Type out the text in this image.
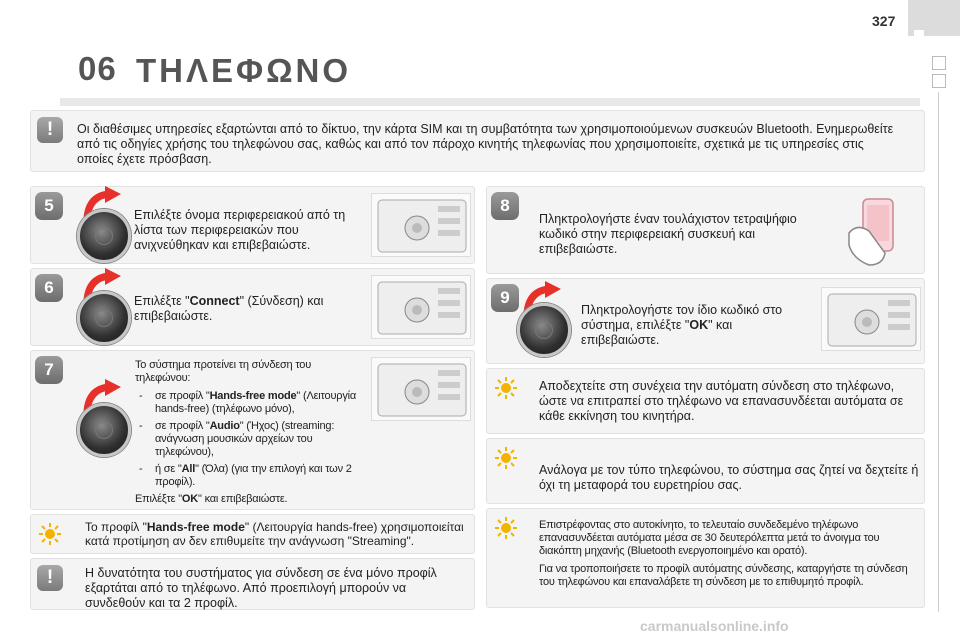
327
06 ΤΗΛΕΦΩΝΟ
!	Οι διαθέσιμες υπηρεσίες εξαρτώνται από το δίκτυο, την κάρτα SIM και τη συμβατότητα των χρησιμοποιούμενων συσκευών Bluetooth. Ενημερωθείτε από τις οδηγίες χρήσης του τηλεφώνου σας, καθώς και από τον πάροχο κινητής τηλεφωνίας που χρησιμοποιείτε, σχετικά με τις υπηρεσίες στις οποίες έχετε πρόσβαση.
5	Επιλέξτε όνομα περιφερειακού από τη λίστα των περιφερειακών που ανιχνεύθηκαν και επιβεβαιώστε.
6
Επιλέξτε "Connect" (Σύνδεση) και επιβεβαιώστε.
7	Το σύστημα προτείνει τη σύνδεση του τηλεφώνου:
- σε προφίλ "Hands-free mode" (Λειτουργία hands-free) (τηλέφωνο μόνο),
- σε προφίλ "Audio" (Ήχος) (streaming: ανάγνωση μουσικών αρχείων του τηλεφώνου),
- ή σε "All" (Όλα) (για την επιλογή και των 2 προφίλ).
Επιλέξτε "OK" και επιβεβαιώστε.
Το προφίλ "Hands-free mode" (Λειτουργία hands-free) χρησιμοποιείται κατά προτίμηση αν δεν επιθυμείτε την ανάγνωση "Streaming".
!	Η δυνατότητα του συστήματος για σύνδεση σε ένα μόνο προφίλ εξαρτάται από το τηλέφωνο. Από προεπιλογή μπορούν να συνδεθούν και τα 2 προφίλ.
8
Πληκτρολογήστε έναν τουλάχιστον τετραψήφιο κωδικό στην περιφερειακή συσκευή και επιβεβαιώστε.
9
Πληκτρολογήστε τον ίδιο κωδικό στο σύστημα, επιλέξτε "OK" και επιβεβαιώστε.
Αποδεχτείτε στη συνέχεια την αυτόματη σύνδεση στο τηλέφωνο, ώστε να επιτραπεί στο τηλέφωνο να επανασυνδέεται αυτόματα σε κάθε εκκίνηση του κινητήρα.
Ανάλογα με τον τύπο τηλεφώνου, το σύστημα σας ζητεί να δεχτείτε ή όχι τη μεταφορά του ευρετηρίου σας.
Επιστρέφοντας στο αυτοκίνητο, το τελευταίο συνδεδεμένο τηλέφωνο επανασυνδέεται αυτόματα μέσα σε 30 δευτερόλεπτα μετά το άνοιγμα του διακόπτη μηχανής (Bluetooth ενεργοποιημένο και ορατό).
Για να τροποποιήσετε το προφίλ αυτόματης σύνδεσης, καταργήστε τη σύνδεση του τηλεφώνου και επαναλάβετε τη σύνδεση με το επιθυμητό προφίλ.
carmanualsonline.info
